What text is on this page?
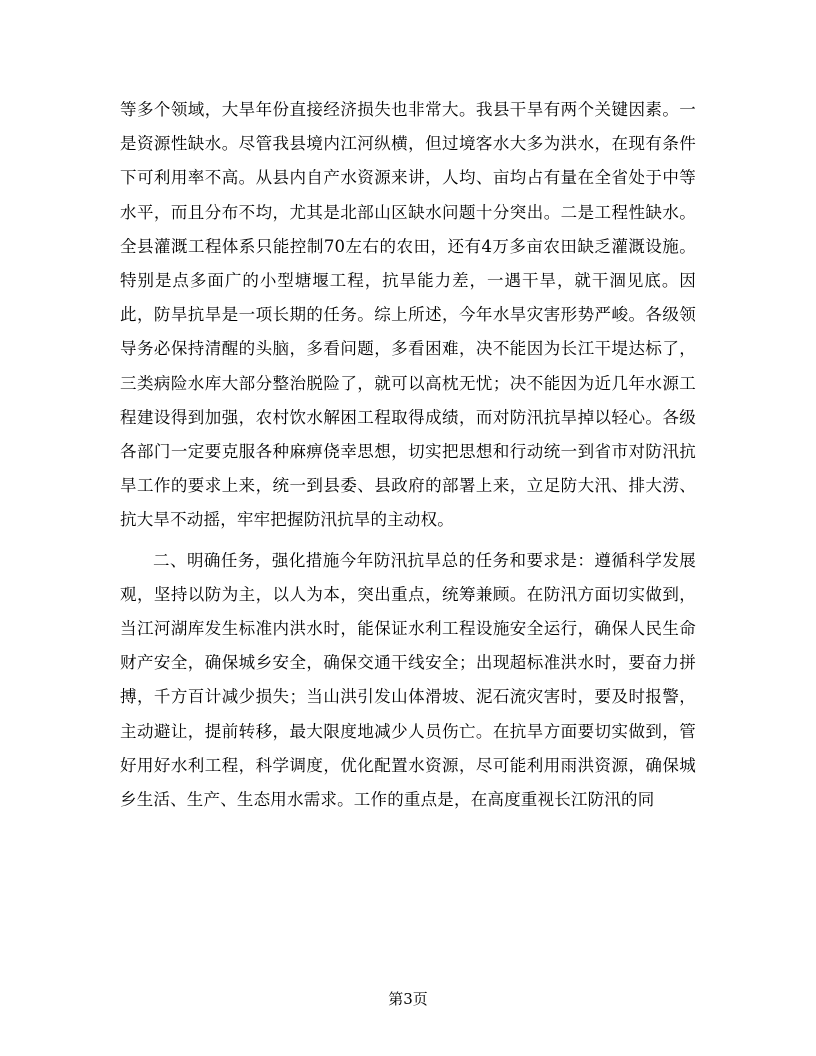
等多个领域，大旱年份直接经济损失也非常大。我县干旱有两个关键因素。一是资源性缺水。尽管我县境内江河纵横，但过境客水大多为洪水，在现有条件下可利用率不高。从县内自产水资源来讲，人均、亩均占有量在全省处于中等水平，而且分布不均，尤其是北部山区缺水问题十分突出。二是工程性缺水。全县灌溉工程体系只能控制70左右的农田，还有4万多亩农田缺乏灌溉设施。特别是点多面广的小型塘堰工程，抗旱能力差，一遇干旱，就干涸见底。因此，防旱抗旱是一项长期的任务。综上所述，今年水旱灾害形势严峻。各级领导务必保持清醒的头脑，多看问题，多看困难，决不能因为长江干堤达标了，三类病险水库大部分整治脱险了，就可以高枕无忧；决不能因为近几年水源工程建设得到加强，农村饮水解困工程取得成绩，而对防汛抗旱掉以轻心。各级各部门一定要克服各种麻痹侥幸思想，切实把思想和行动统一到省市对防汛抗旱工作的要求上来，统一到县委、县政府的部署上来，立足防大汛、排大涝、抗大旱不动摇，牢牢把握防汛抗旱的主动权。

二、明确任务，强化措施今年防汛抗旱总的任务和要求是：遵循科学发展观，坚持以防为主，以人为本，突出重点，统筹兼顾。在防汛方面切实做到，当江河湖库发生标准内洪水时，能保证水利工程设施安全运行，确保人民生命财产安全，确保城乡安全，确保交通干线安全；出现超标准洪水时，要奋力拼搏，千方百计减少损失；当山洪引发山体滑坡、泥石流灾害时，要及时报警，主动避让，提前转移，最大限度地减少人员伤亡。在抗旱方面要切实做到，管好用好水利工程，科学调度，优化配置水资源，尽可能利用雨洪资源，确保城乡生活、生产、生态用水需求。工作的重点是，在高度重视长江防汛的同

第3页
